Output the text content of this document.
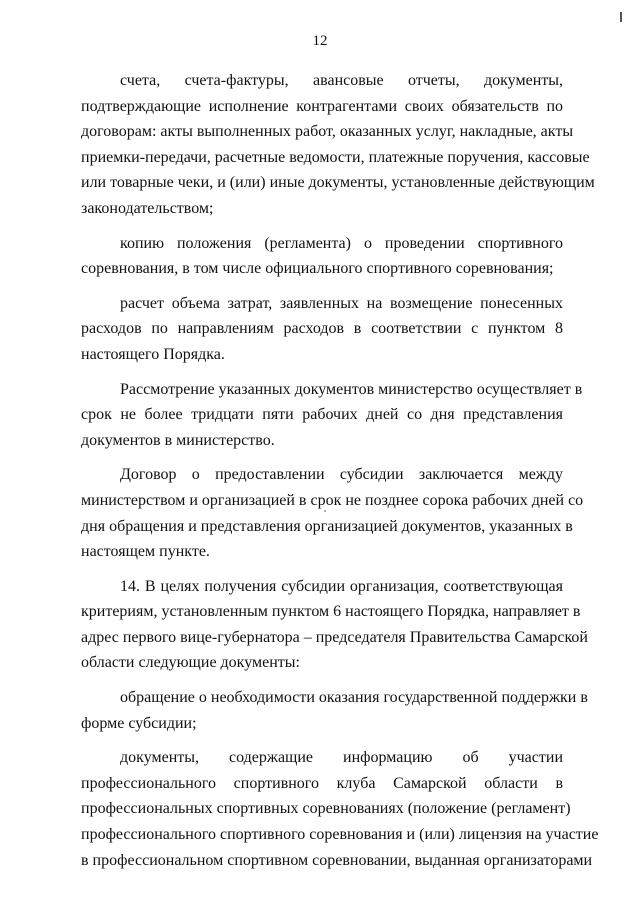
12
счета, счета-фактуры, авансовые отчеты, документы,
подтверждающие исполнение контрагентами своих обязательств по
договорам: акты выполненных работ, оказанных услуг, накладные, акты
приемки-передачи, расчетные ведомости, платежные поручения, кассовые
или товарные чеки, и (или) иные документы, установленные действующим
законодательством;
копию положения (регламента) о проведении спортивного
соревнования, в том числе официального спортивного соревнования;
расчет объема затрат, заявленных на возмещение понесенных
расходов по направлениям расходов в соответствии с пунктом 8
настоящего Порядка.
Рассмотрение указанных документов министерство осуществляет в
срок не более тридцати пяти рабочих дней со дня представления
документов в министерство.
Договор о предоставлении субсидии заключается между
министерством и организацией в срок не позднее сорока рабочих дней со
дня обращения и представления организацией документов, указанных в
настоящем пункте.
14. В целях получения субсидии организация, соответствующая
критериям, установленным пунктом 6 настоящего Порядка, направляет в
адрес первого вице-губернатора – председателя Правительства Самарской
области следующие документы:
обращение о необходимости оказания государственной поддержки в
форме субсидии;
документы, содержащие информацию об участии
профессионального спортивного клуба Самарской области в
профессиональных спортивных соревнованиях (положение (регламент)
профессионального спортивного соревнования и (или) лицензия на участие
в профессиональном спортивном соревновании, выданная организаторами
